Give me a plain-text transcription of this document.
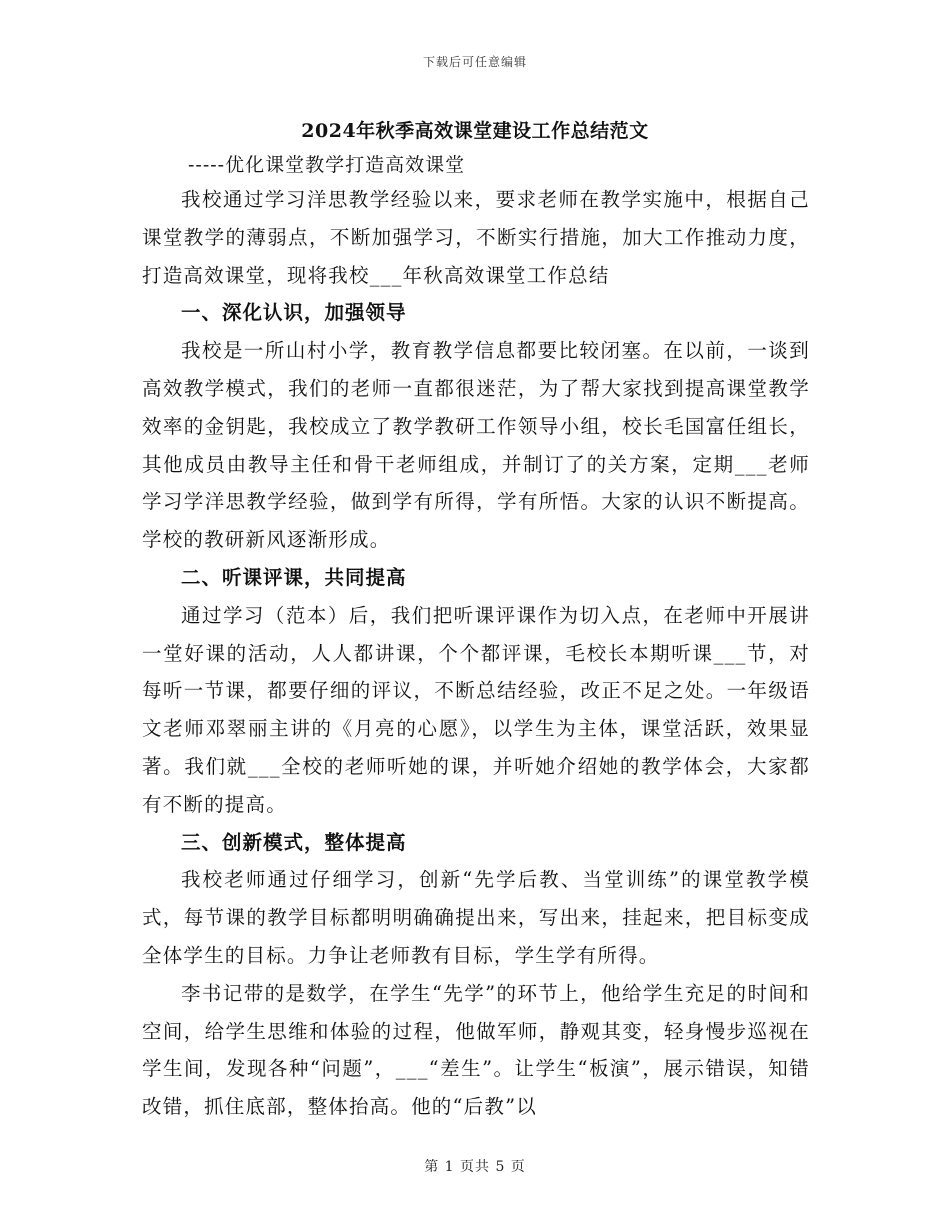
下载后可任意编辑
2024年秋季高效课堂建设工作总结范文
-----优化课堂教学打造高效课堂

我校通过学习洋思教学经验以来，要求老师在教学实施中，根据自己课堂教学的薄弱点，不断加强学习，不断实行措施，加大工作推动力度，打造高效课堂，现将我校___年秋高效课堂工作总结

一、深化认识，加强领导

我校是一所山村小学，教育教学信息都要比较闭塞。在以前，一谈到高效教学模式，我们的老师一直都很迷茫，为了帮大家找到提高课堂教学效率的金钥匙，我校成立了教学教研工作领导小组，校长毛国富任组长，其他成员由教导主任和骨干老师组成，并制订了的关方案，定期___老师学习学洋思教学经验，做到学有所得，学有所悟。大家的认识不断提高。学校的教研新风逐渐形成。

二、听课评课，共同提高

通过学习（范本）后，我们把听课评课作为切入点，在老师中开展讲一堂好课的活动，人人都讲课，个个都评课，毛校长本期听课___节，对每听一节课，都要仔细的评议，不断总结经验，改正不足之处。一年级语文老师邓翠丽主讲的《月亮的心愿》，以学生为主体，课堂活跃，效果显著。我们就___全校的老师听她的课，并听她介绍她的教学体会，大家都有不断的提高。

三、创新模式，整体提高

我校老师通过仔细学习，创新“先学后教、当堂训练”的课堂教学模式，每节课的教学目标都明明确确提出来，写出来，挂起来，把目标变成全体学生的目标。力争让老师教有目标，学生学有所得。

李书记带的是数学，在学生“先学”的环节上，他给学生充足的时间和空间，给学生思维和体验的过程，他做军师，静观其变，轻身慢步巡视在学生间，发现各种“问题”，___“差生”。让学生“板演”，展示错误，知错改错，抓住底部，整体抬高。他的“后教”以

第 1 页共 5 页
